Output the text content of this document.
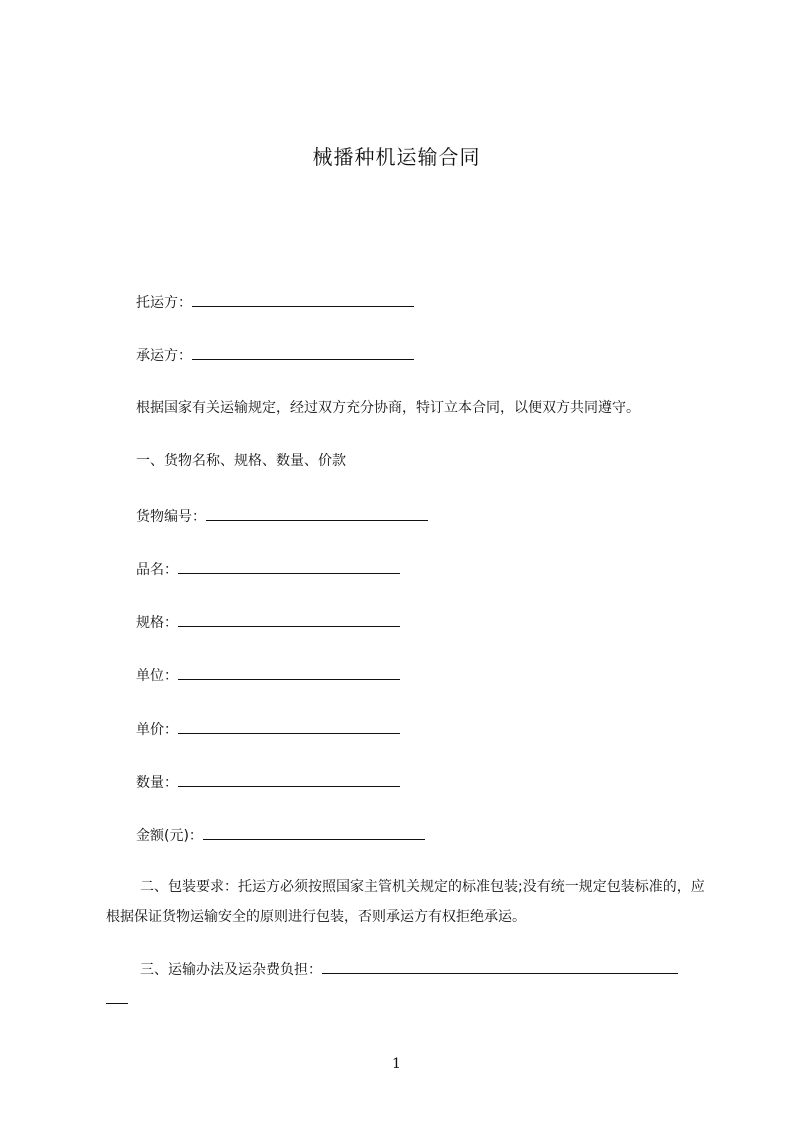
械播种机运输合同
托运方：
承运方：
根据国家有关运输规定，经过双方充分协商，特订立本合同，以便双方共同遵守。
一、货物名称、规格、数量、价款
货物编号：
品名：
规格：
单位：
单价：
数量：
金额(元)：
二、包装要求：托运方必须按照国家主管机关规定的标准包装;没有统一规定包装标准的，应根据保证货物运输安全的原则进行包装，否则承运方有权拒绝承运。
三、运输办法及运杂费负担：

1
